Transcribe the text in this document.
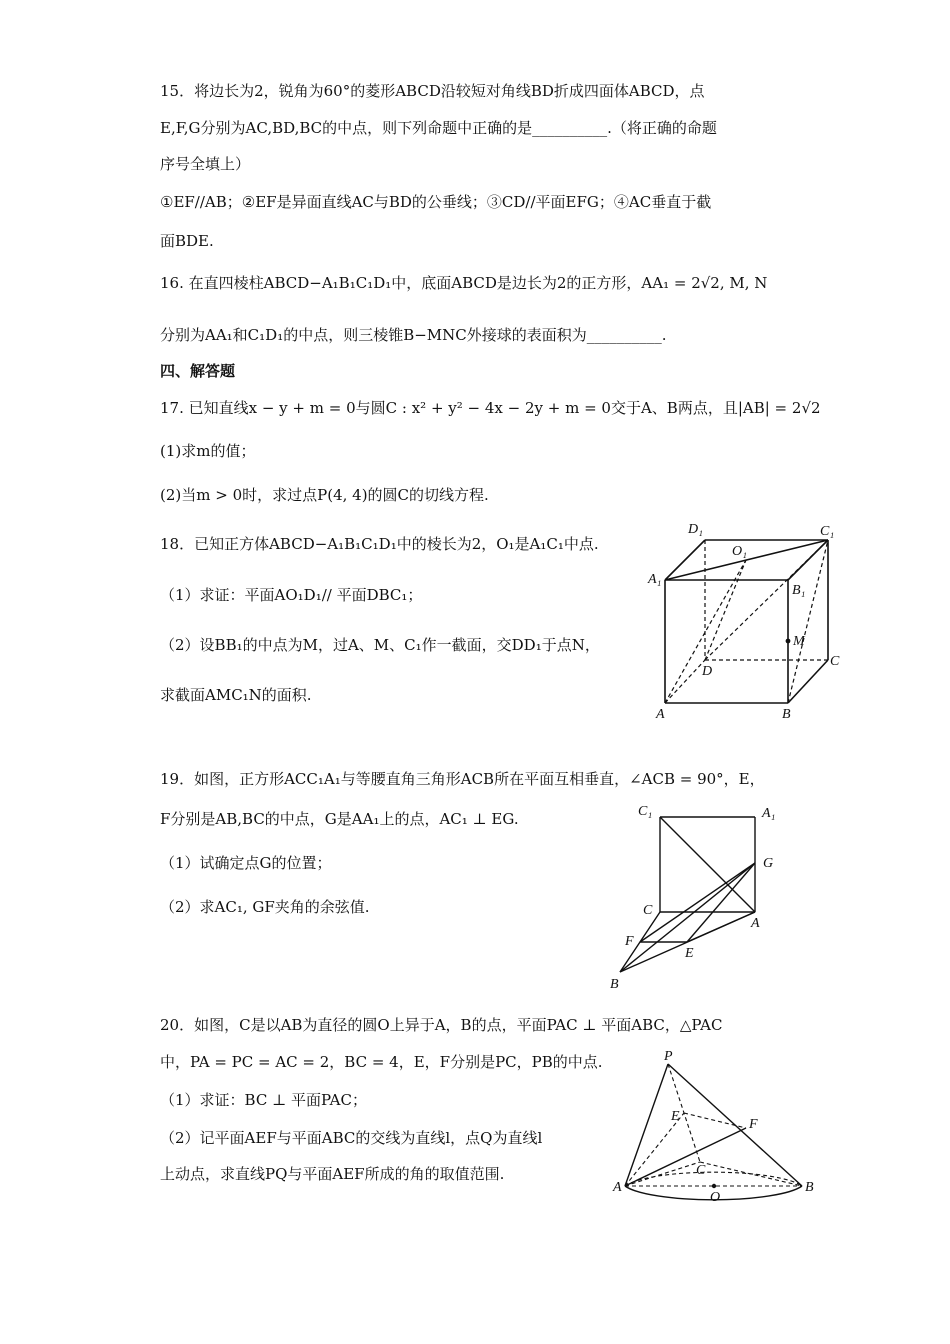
15．将边长为2，锐角为60°的菱形ABCD沿较短对角线BD折成四面体ABCD，点
E,F,G分别为AC,BD,BC的中点，则下列命题中正确的是__________.（将正确的命题
序号全填上）
①EF//AB；②EF是异面直线AC与BD的公垂线；③CD//平面EFG；④AC垂直于截
面BDE.
16. 在直四棱柱ABCD−A₁B₁C₁D₁中，底面ABCD是边长为2的正方形，AA₁ = 2√2, M, N
分别为AA₁和C₁D₁的中点，则三棱锥B−MNC外接球的表面积为__________.
四、解答题
17. 已知直线x − y + m = 0与圆C : x² + y² − 4x − 2y + m = 0交于A、B两点，且|AB| = 2√2
(1)求m的值；
(2)当m > 0时，求过点P(4, 4)的圆C的切线方程.
18．已知正方体ABCD−A₁B₁C₁D₁中的棱长为2，O₁是A₁C₁中点.
（1）求证：平面AO₁D₁// 平面DBC₁；
（2）设BB₁的中点为M，过A、M、C₁作一截面，交DD₁于点N，
求截面AMC₁N的面积.
D₁	C₁
O₁
A₁
B₁
M
D
C
A	B
19．如图，正方形ACC₁A₁与等腰直角三角形ACB所在平面互相垂直，∠ACB = 90°，E，
F分别是AB,BC的中点，G是AA₁上的点，AC₁ ⊥ EG.
（1）试确定点G的位置；
（2）求AC₁, GF夹角的余弦值.
C₁	A₁
G
C
A
F
E
B
20．如图，C是以AB为直径的圆O上异于A，B的点，平面PAC ⊥ 平面ABC，△PAC
中，PA = PC = AC = 2，BC = 4，E，F分别是PC，PB的中点.
（1）求证：BC ⊥ 平面PAC；
（2）记平面AEF与平面ABC的交线为直线l，点Q为直线l
上动点，求直线PQ与平面AEF所成的角的取值范围.
P
E
F
C
A
O
B
